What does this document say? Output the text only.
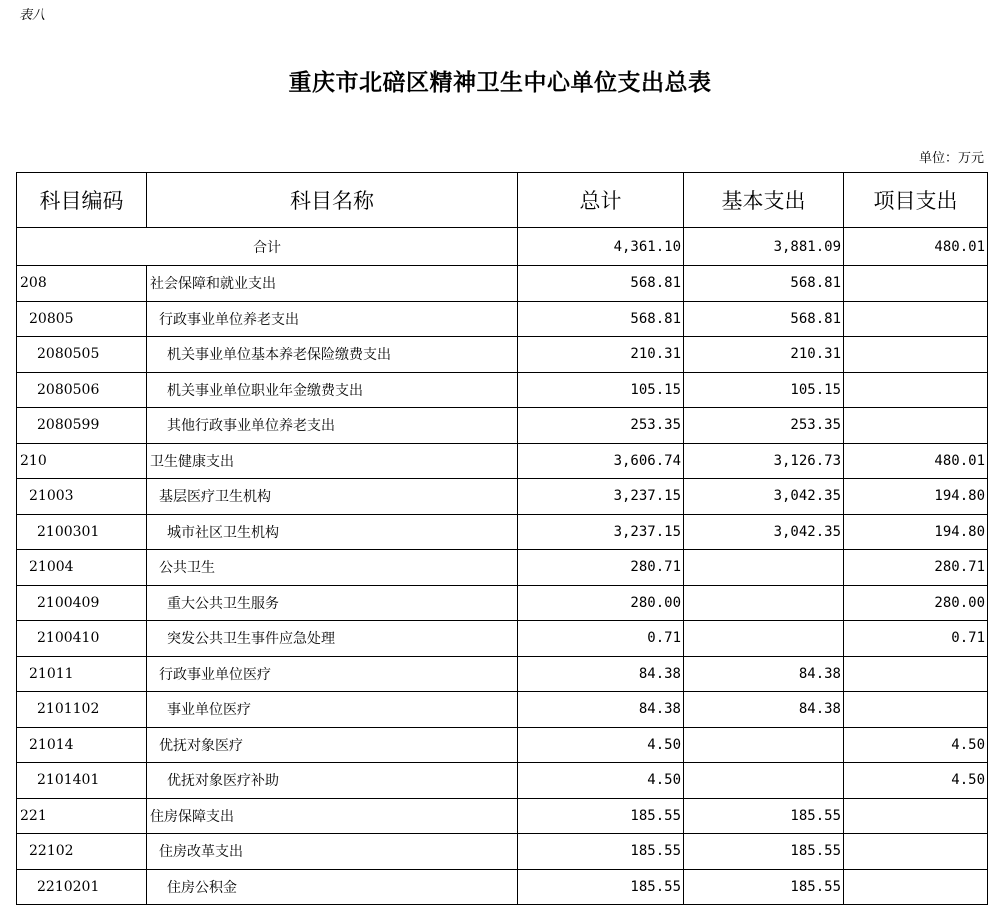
表八
重庆市北碚区精神卫生中心单位支出总表
单位：万元
科目编码	科目名称	总计	基本支出	项目支出
合计		4,361.10	3,881.09	480.01
208	社会保障和就业支出	568.81	568.81	
20805	行政事业单位养老支出	568.81	568.81	
2080505	机关事业单位基本养老保险缴费支出	210.31	210.31	
2080506	机关事业单位职业年金缴费支出	105.15	105.15	
2080599	其他行政事业单位养老支出	253.35	253.35	
210	卫生健康支出	3,606.74	3,126.73	480.01
21003	基层医疗卫生机构	3,237.15	3,042.35	194.80
2100301	城市社区卫生机构	3,237.15	3,042.35	194.80
21004	公共卫生	280.71		280.71
2100409	重大公共卫生服务	280.00		280.00
2100410	突发公共卫生事件应急处理	0.71		0.71
21011	行政事业单位医疗	84.38	84.38	
2101102	事业单位医疗	84.38	84.38	
21014	优抚对象医疗	4.50		4.50
2101401	优抚对象医疗补助	4.50		4.50
221	住房保障支出	185.55	185.55	
22102	住房改革支出	185.55	185.55	
2210201	住房公积金	185.55	185.55	
